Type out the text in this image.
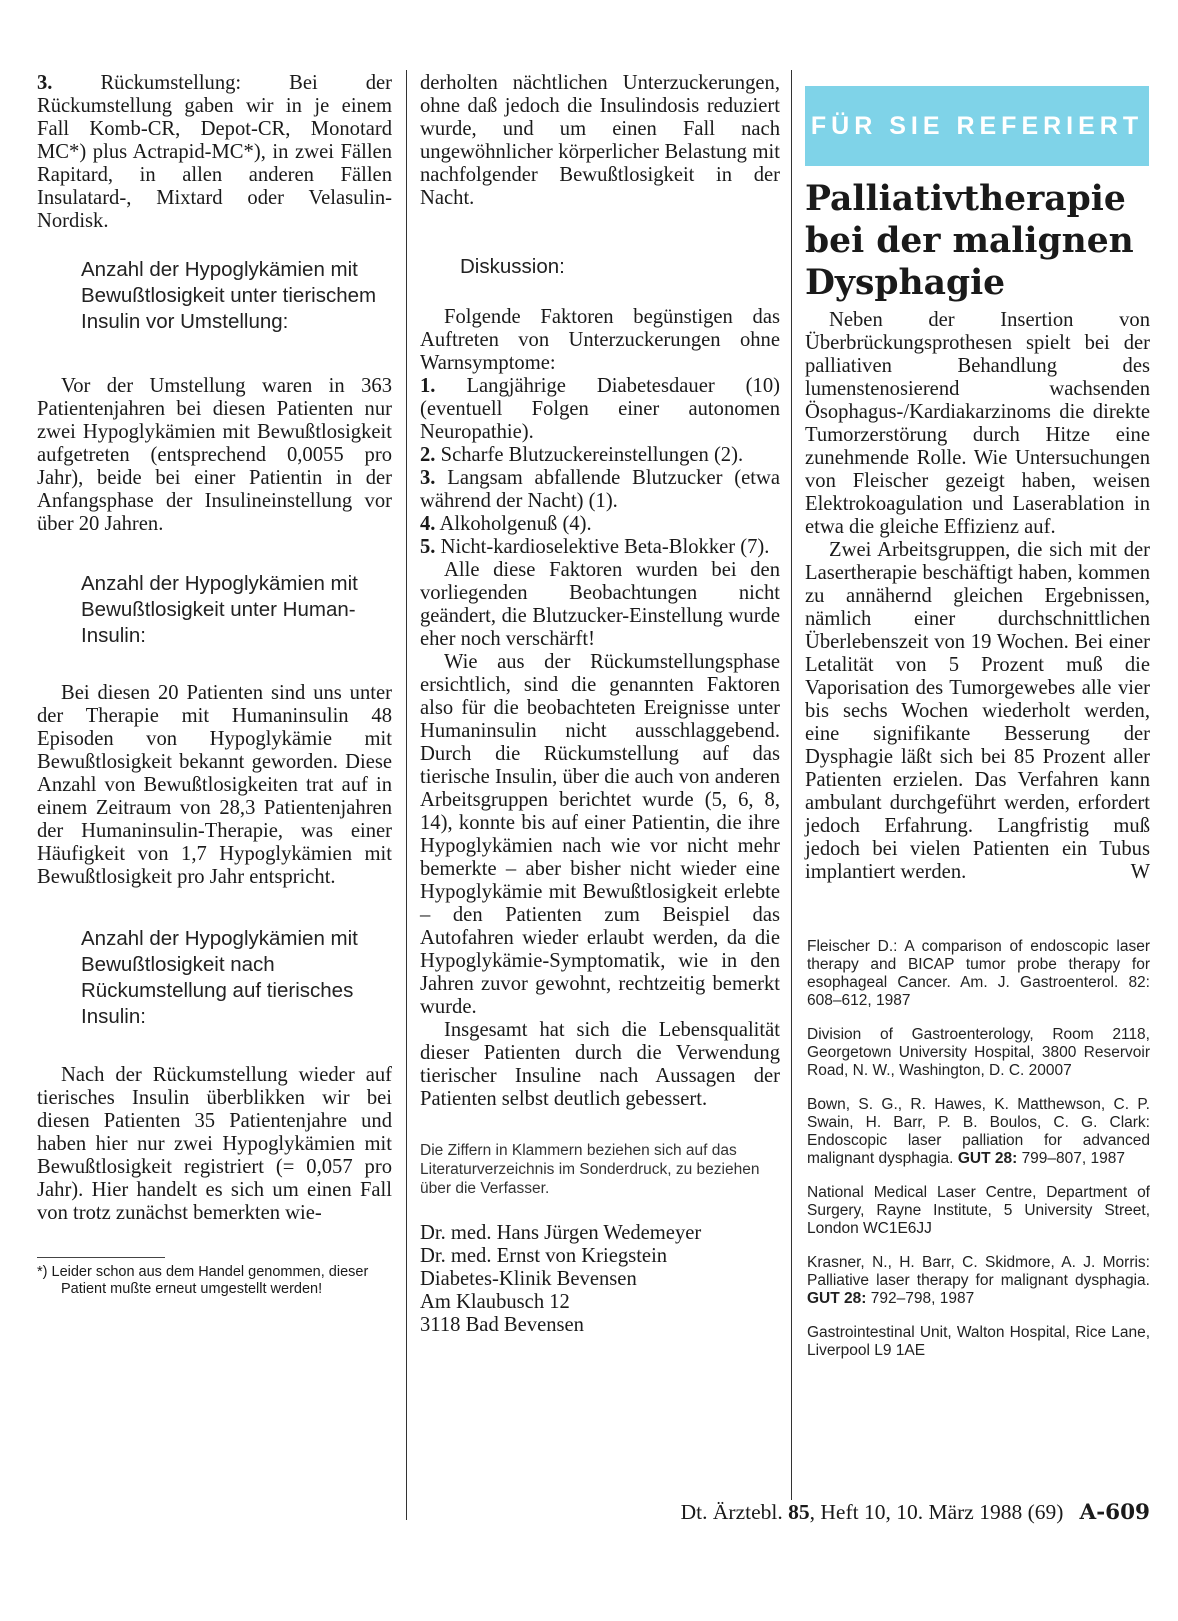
3. Rückumstellung: Bei der Rückumstellung gaben wir in je einem Fall Komb-CR, Depot-CR, Monotard MC*) plus Actrapid-MC*), in zwei Fällen Rapitard, in allen anderen Fällen Insulatard-, Mixtard oder Velasulin-Nordisk.

Anzahl der Hypoglykämien mit Bewußtlosigkeit unter tierischem Insulin vor Umstellung:

Vor der Umstellung waren in 363 Patientenjahren bei diesen Patienten nur zwei Hypoglykämien mit Bewußtlosigkeit aufgetreten (entsprechend 0,0055 pro Jahr), beide bei einer Patientin in der Anfangsphase der Insulineinstellung vor über 20 Jahren.

Anzahl der Hypoglykämien mit Bewußtlosigkeit unter Human-Insulin:

Bei diesen 20 Patienten sind uns unter der Therapie mit Humaninsulin 48 Episoden von Hypoglykämie mit Bewußtlosigkeit bekannt geworden. Diese Anzahl von Bewußtlosigkeiten trat auf in einem Zeitraum von 28,3 Patientenjahren der Humaninsulin-Therapie, was einer Häufigkeit von 1,7 Hypoglykämien mit Bewußtlosigkeit pro Jahr entspricht.

Anzahl der Hypoglykämien mit Bewußtlosigkeit nach Rückumstellung auf tierisches Insulin:

Nach der Rückumstellung wieder auf tierisches Insulin überblikken wir bei diesen Patienten 35 Patientenjahre und haben hier nur zwei Hypoglykämien mit Bewußtlosigkeit registriert (= 0,057 pro Jahr). Hier handelt es sich um einen Fall von trotz zunächst bemerkten wie-

*) Leider schon aus dem Handel genommen, dieser Patient mußte erneut umgestellt werden!

derholten nächtlichen Unterzuckerungen, ohne daß jedoch die Insulindosis reduziert wurde, und um einen Fall nach ungewöhnlicher körperlicher Belastung mit nachfolgender Bewußtlosigkeit in der Nacht.

Diskussion:

Folgende Faktoren begünstigen das Auftreten von Unterzuckerungen ohne Warnsymptome:

1. Langjährige Diabetesdauer (10) (eventuell Folgen einer autonomen Neuropathie).

2. Scharfe Blutzuckereinstellungen (2).

3. Langsam abfallende Blutzucker (etwa während der Nacht) (1).

4. Alkoholgenuß (4).

5. Nicht-kardioselektive Beta-Blokker (7).

Alle diese Faktoren wurden bei den vorliegenden Beobachtungen nicht geändert, die Blutzucker-Einstellung wurde eher noch verschärft!

Wie aus der Rückumstellungsphase ersichtlich, sind die genannten Faktoren also für die beobachteten Ereignisse unter Humaninsulin nicht ausschlaggebend. Durch die Rückumstellung auf das tierische Insulin, über die auch von anderen Arbeitsgruppen berichtet wurde (5, 6, 8, 14), konnte bis auf einer Patientin, die ihre Hypoglykämien nach wie vor nicht mehr bemerkte – aber bisher nicht wieder eine Hypoglykämie mit Bewußtlosigkeit erlebte – den Patienten zum Beispiel das Autofahren wieder erlaubt werden, da die Hypoglykämie-Symptomatik, wie in den Jahren zuvor gewohnt, rechtzeitig bemerkt wurde.

Insgesamt hat sich die Lebensqualität dieser Patienten durch die Verwendung tierischer Insuline nach Aussagen der Patienten selbst deutlich gebessert.

Die Ziffern in Klammern beziehen sich auf das Literaturverzeichnis im Sonderdruck, zu beziehen über die Verfasser.

Dr. med. Hans Jürgen Wedemeyer

Dr. med. Ernst von Kriegstein

Diabetes-Klinik Bevensen

Am Klaubusch 12

3118 Bad Bevensen

FÜR SIE REFERIERT
Palliativtherapie
bei der malignen
Dysphagie

Neben der Insertion von Überbrückungsprothesen spielt bei der palliativen Behandlung des lumenstenosierend wachsenden Ösophagus-/Kardiakarzinoms die direkte Tumorzerstörung durch Hitze eine zunehmende Rolle. Wie Untersuchungen von Fleischer gezeigt haben, weisen Elektrokoagulation und Laserablation in etwa die gleiche Effizienz auf.

Zwei Arbeitsgruppen, die sich mit der Lasertherapie beschäftigt haben, kommen zu annähernd gleichen Ergebnissen, nämlich einer durchschnittlichen Überlebenszeit von 19 Wochen. Bei einer Letalität von 5 Prozent muß die Vaporisation des Tumorgewebes alle vier bis sechs Wochen wiederholt werden, eine signifikante Besserung der Dysphagie läßt sich bei 85 Prozent aller Patienten erzielen. Das Verfahren kann ambulant durchgeführt werden, erfordert jedoch Erfahrung. Langfristig muß jedoch bei vielen Patienten ein Tubus implantiert werden.	W

Fleischer D.: A comparison of endoscopic laser therapy and BICAP tumor probe therapy for esophageal Cancer. Am. J. Gastroenterol. 82: 608–612, 1987

Division of Gastroenterology, Room 2118, Georgetown University Hospital, 3800 Reservoir Road, N. W., Washington, D. C. 20007

Bown, S. G., R. Hawes, K. Matthewson, C. P. Swain, H. Barr, P. B. Boulos, C. G. Clark: Endoscopic laser palliation for advanced malignant dysphagia. GUT 28: 799–807, 1987

National Medical Laser Centre, Department of Surgery, Rayne Institute, 5 University Street, London WC1E6JJ

Krasner, N., H. Barr, C. Skidmore, A. J. Morris: Palliative laser therapy for malignant dysphagia. GUT 28: 792–798, 1987

Gastrointestinal Unit, Walton Hospital, Rice Lane, Liverpool L9 1AE

Dt. Ärztebl. 85, Heft 10, 10. März 1988 (69) A-609
